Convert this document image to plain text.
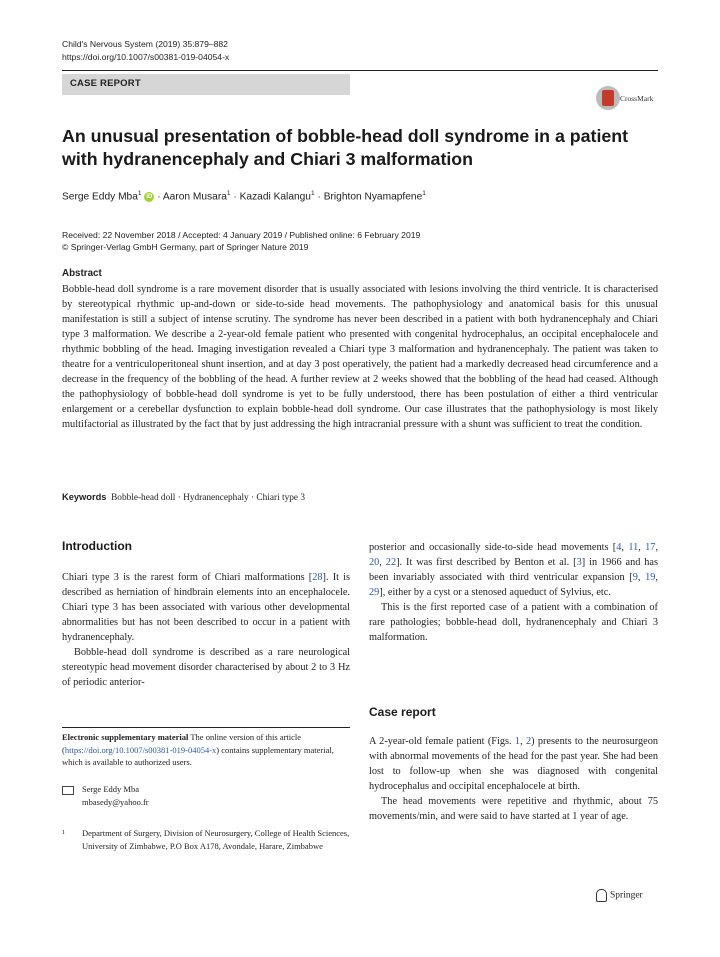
Child's Nervous System (2019) 35:879–882
https://doi.org/10.1007/s00381-019-04054-x
CASE REPORT
CrossMark
An unusual presentation of bobble-head doll syndrome in a patient with hydranencephaly and Chiari 3 malformation
Serge Eddy Mba$^1$ iD · Aaron Musara$^1$ · Kazadi Kalangu$^1$ · Brighton Nyamapfene$^1$
Received: 22 November 2018 / Accepted: 4 January 2019 / Published online: 6 February 2019
© Springer-Verlag GmbH Germany, part of Springer Nature 2019
Abstract
Bobble-head doll syndrome is a rare movement disorder that is usually associated with lesions involving the third ventricle. It is characterised by stereotypical rhythmic up-and-down or side-to-side head movements. The pathophysiology and anatomical basis for this unusual manifestation is still a subject of intense scrutiny. The syndrome has never been described in a patient with both hydranencephaly and Chiari type 3 malformation. We describe a 2-year-old female patient who presented with congenital hydrocephalus, an occipital encephalocele and rhythmic bobbling of the head. Imaging investigation revealed a Chiari type 3 malformation and hydranencephaly. The patient was taken to theatre for a ventriculoperitoneal shunt insertion, and at day 3 post operatively, the patient had a markedly decreased head circumference and a decrease in the frequency of the bobbling of the head. A further review at 2 weeks showed that the bobbling of the head had ceased. Although the pathophysiology of bobble-head doll syndrome is yet to be fully understood, there has been postulation of either a third ventricular enlargement or a cerebellar dysfunction to explain bobble-head doll syndrome. Our case illustrates that the pathophysiology is most likely multifactorial as illustrated by the fact that by just addressing the high intracranial pressure with a shunt was sufficient to treat the condition.
Keywords Bobble-head doll · Hydranencephaly · Chiari type 3
Introduction

Chiari type 3 is the rarest form of Chiari malformations [28]. It is described as herniation of hindbrain elements into an encephalocele. Chiari type 3 has been associated with various other developmental abnormalities but has not been described to occur in a patient with hydranencephaly.

Bobble-head doll syndrome is described as a rare neurological stereotypic head movement disorder characterised by about 2 to 3 Hz of periodic anterior-

posterior and occasionally side-to-side head movements [4, 11, 17, 20, 22]. It was first described by Benton et al. [3] in 1966 and has been invariably associated with third ventricular expansion [9, 19, 29], either by a cyst or a stenosed aqueduct of Sylvius, etc.

This is the first reported case of a patient with a combination of rare pathologies; bobble-head doll, hydranencephaly and Chiari 3 malformation.

Case report

A 2-year-old female patient (Figs. 1, 2) presents to the neurosurgeon with abnormal movements of the head for the past year. She had been lost to follow-up when she was diagnosed with congenital hydrocephalus and occipital encephalocele at birth.

The head movements were repetitive and rhythmic, about 75 movements/min, and were said to have started at 1 year of age.

Electronic supplementary material The online version of this article (https://doi.org/10.1007/s00381-019-04054-x) contains supplementary material, which is available to authorized users.
Serge Eddy Mba
mbasedy@yahoo.fr
1 Department of Surgery, Division of Neurosurgery, College of Health Sciences, University of Zimbabwe, P.O Box A178, Avondale, Harare, Zimbabwe
Springer
